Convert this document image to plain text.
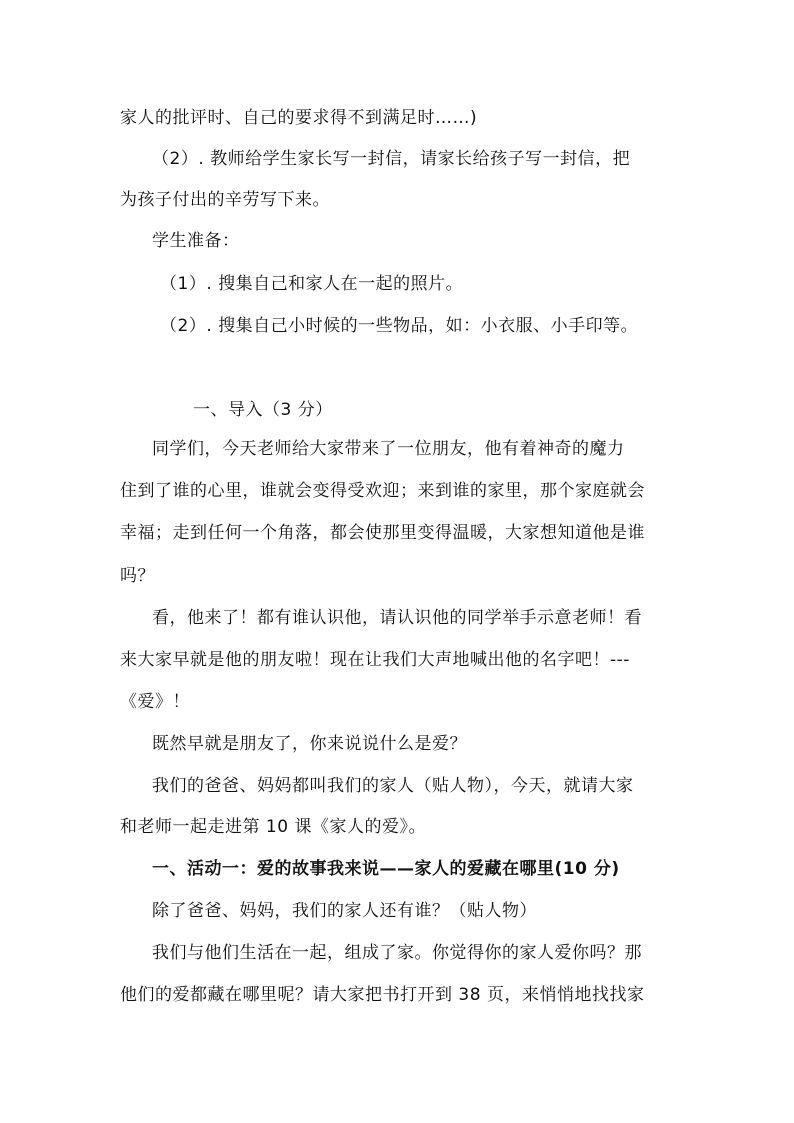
家人的批评时、自己的要求得不到满足时……)
（2）. 教师给学生家长写一封信，请家长给孩子写一封信，把
为孩子付出的辛劳写下来。
学生准备：
（1）. 搜集自己和家人在一起的照片。
（2）. 搜集自己小时候的一些物品，如：小衣服、小手印等。
一、导入（3 分）
同学们，今天老师给大家带来了一位朋友，他有着神奇的魔力
住到了谁的心里，谁就会变得受欢迎；来到谁的家里，那个家庭就会
幸福；走到任何一个角落，都会使那里变得温暖，大家想知道他是谁
吗？
看，他来了！都有谁认识他，请认识他的同学举手示意老师！看
来大家早就是他的朋友啦！现在让我们大声地喊出他的名字吧！---
《爱》！
既然早就是朋友了，你来说说什么是爱？
我们的爸爸、妈妈都叫我们的家人（贴人物），今天，就请大家
和老师一起走进第 10 课《家人的爱》。
一、活动一：爱的故事我来说——家人的爱藏在哪里(10 分)
除了爸爸、妈妈，我们的家人还有谁？（贴人物）
我们与他们生活在一起，组成了家。你觉得你的家人爱你吗？那
他们的爱都藏在哪里呢？请大家把书打开到 38 页，来悄悄地找找家
